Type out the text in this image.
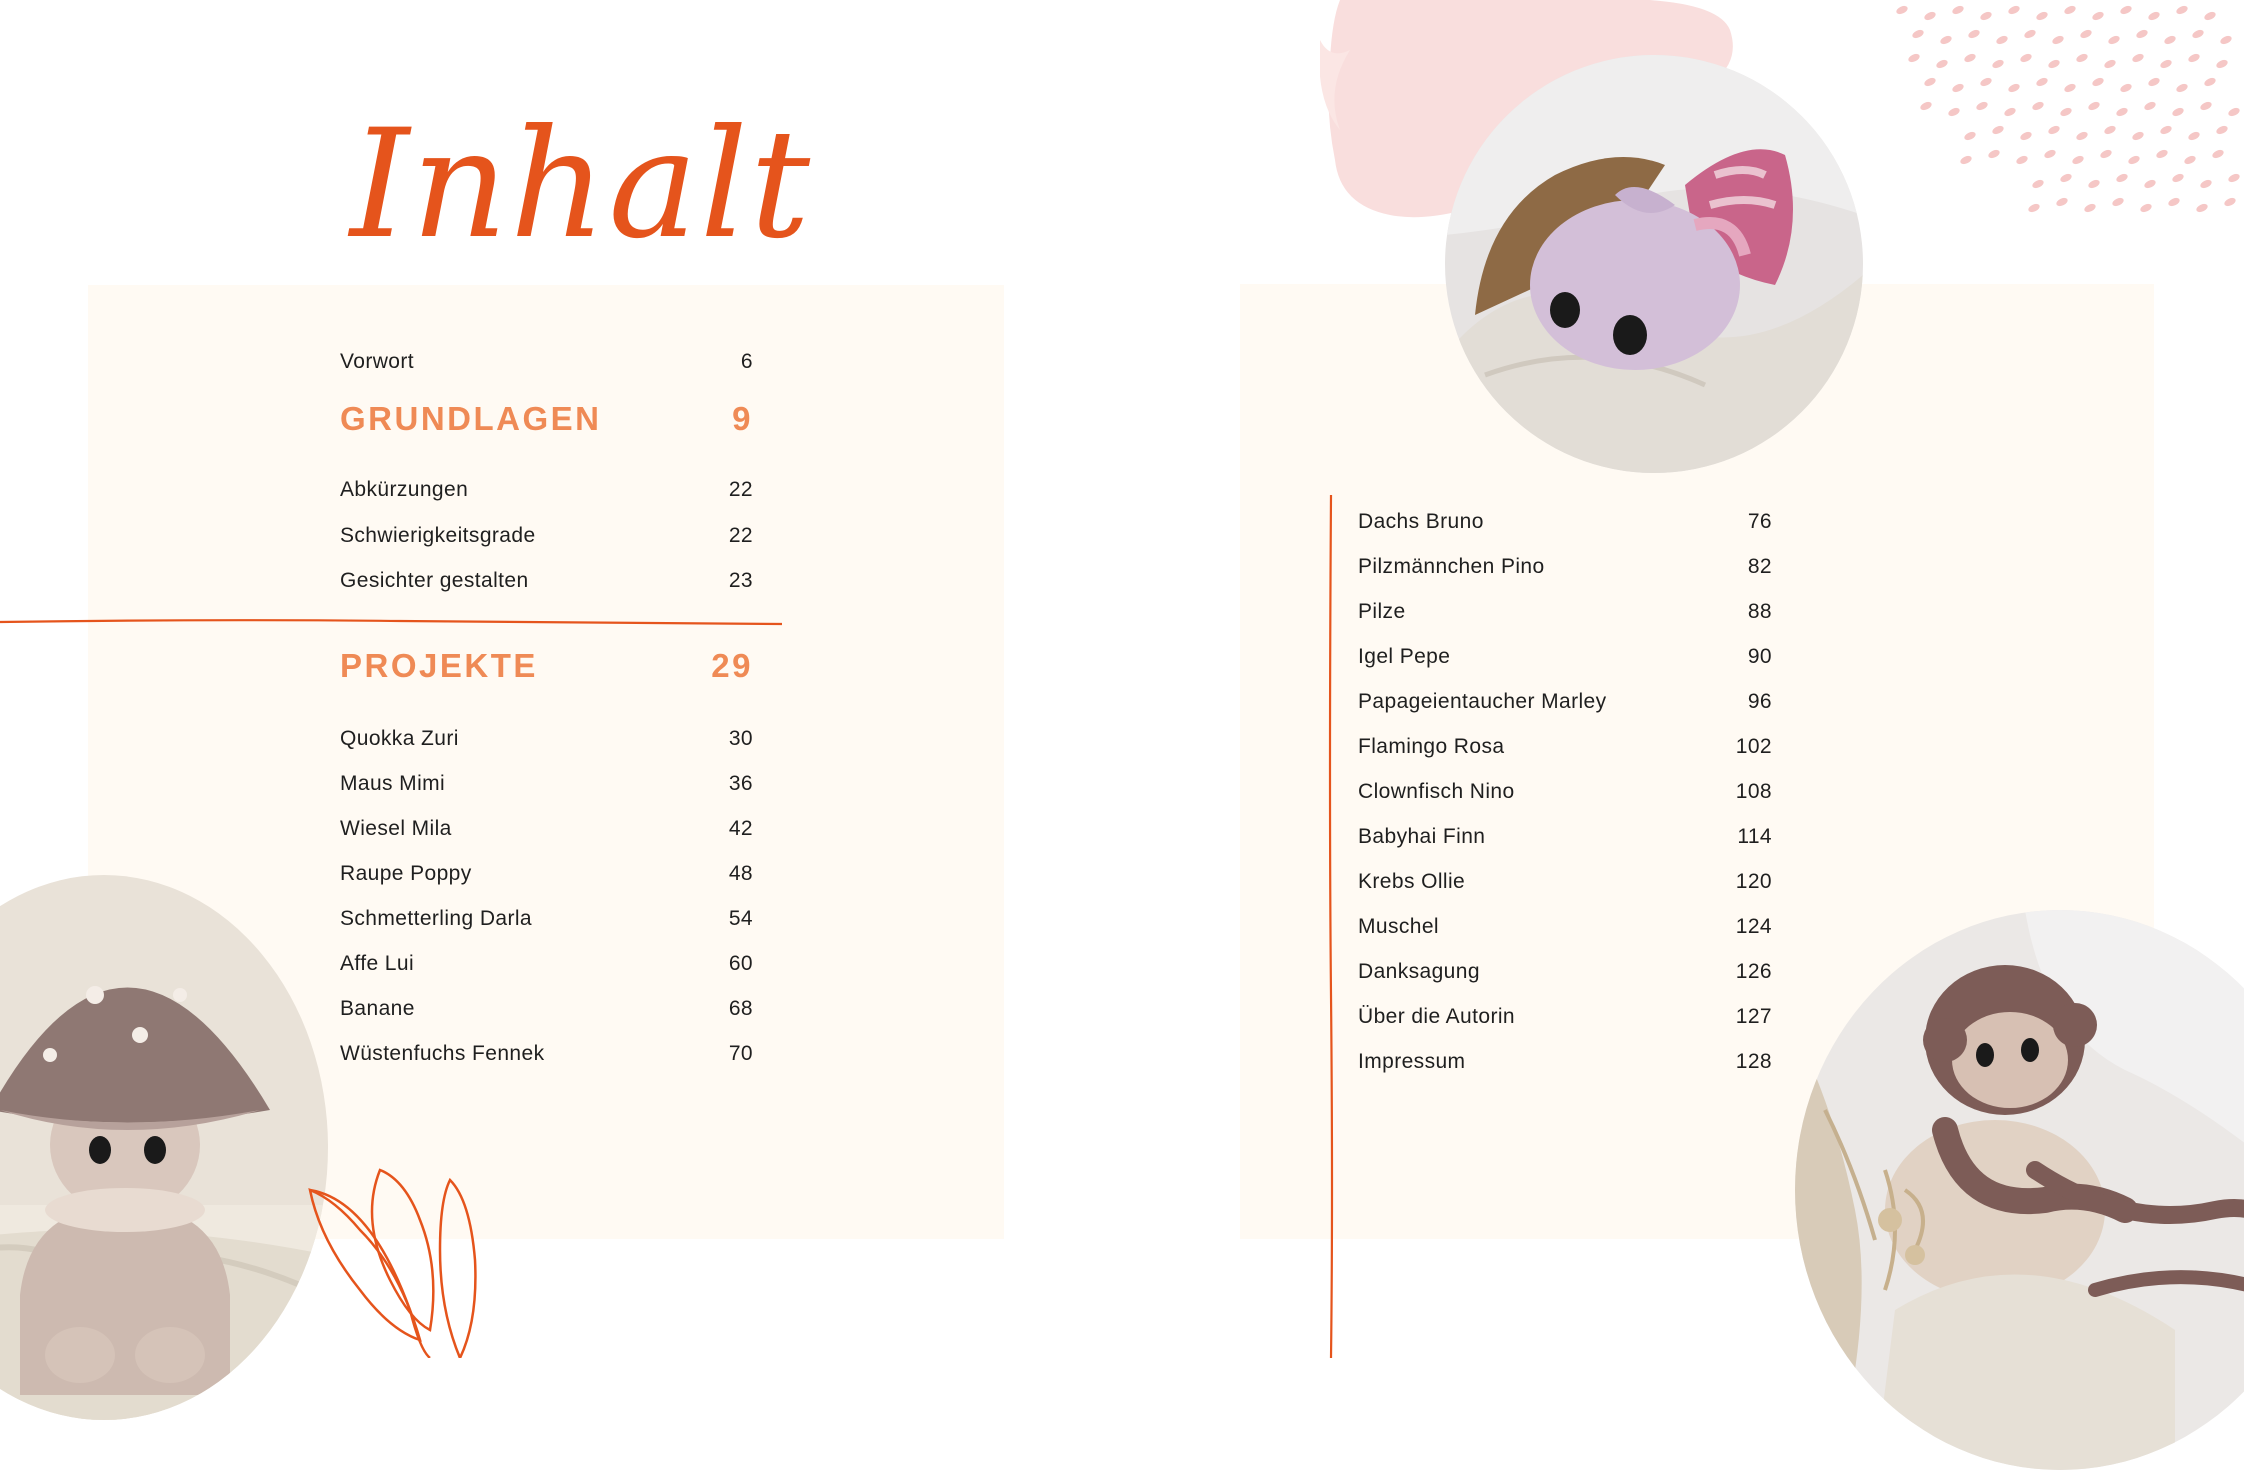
Inhalt
Vorwort	6
GRUNDLAGEN	9
Abkürzungen	22
Schwierigkeitsgrade	22
Gesichter gestalten	23
PROJEKTE	29
Quokka Zuri	30
Maus Mimi	36
Wiesel Mila	42
Raupe Poppy	48
Schmetterling Darla	54
Affe Lui	60
Banane	68
Wüstenfuchs Fennek	70
Dachs Bruno	76
Pilzmännchen Pino	82
Pilze	88
Igel Pepe	90
Papageientaucher Marley	96
Flamingo Rosa	102
Clownfisch Nino	108
Babyhai Finn	114
Krebs Ollie	120
Muschel	124
Danksagung	126
Über die Autorin	127
Impressum	128
